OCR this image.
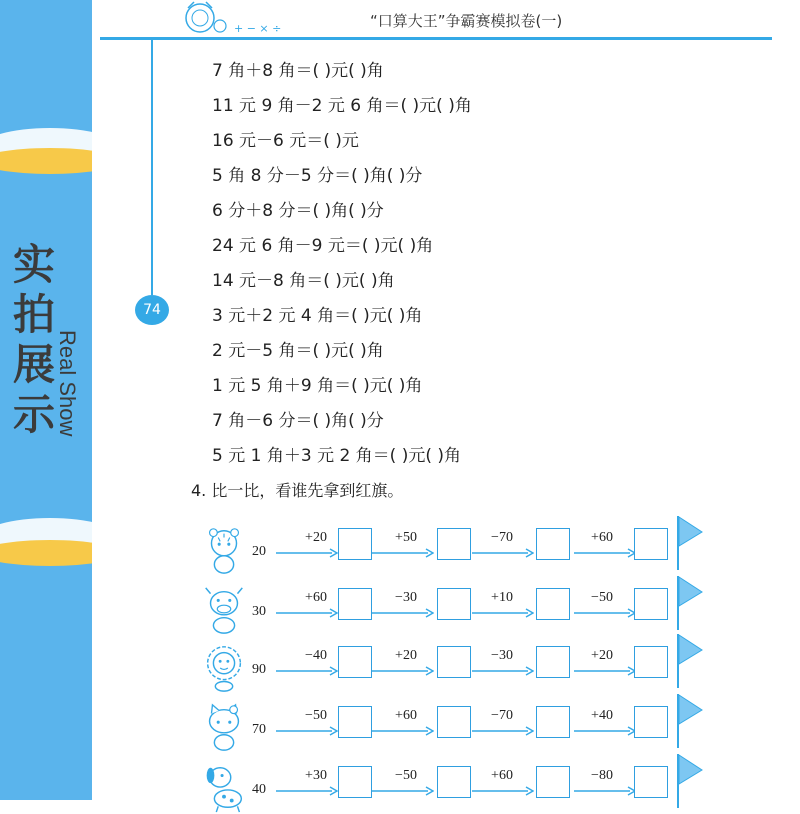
实拍展示 Real Show
+ − × ÷	“口算大王”争霸赛模拟卷(一)
74
7 角＋8 角＝( )元( )角
11 元 9 角－2 元 6 角＝( )元( )角
16 元－6 元＝( )元
5 角 8 分－5 分＝( )角( )分
6 分＋8 分＝( )角( )分
24 元 6 角－9 元＝( )元( )角
14 元－8 角＝( )元( )角
3 元＋2 元 4 角＝( )元( )角
2 元－5 角＝( )元( )角
1 元 5 角＋9 角＝( )元( )角
7 角－6 分＝( )角( )分
5 元 1 角＋3 元 2 角＝( )元( )角
4. 比一比，看谁先拿到红旗。
20
+20	+50	−70	+60
30
+60	−30	+10	−50
90
−40	+20	−30	+20
70
−50	+60	−70	+40
40
+30	−50	+60	−80
